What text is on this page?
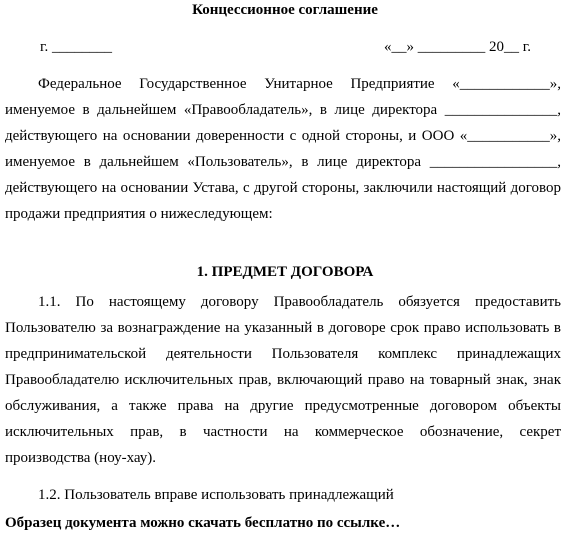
Концессионное соглашение
г. ________	«__» _________ 20__ г.
Федеральное Государственное Унитарное Предприятие «____________», именуемое в дальнейшем «Правообладатель», в лице директора _______________, действующего на основании доверенности с одной стороны, и ООО «___________», именуемое в дальнейшем «Пользователь», в лице директора _________________, действующего на основании Устава, с другой стороны, заключили настоящий договор продажи предприятия о нижеследующем:
1. ПРЕДМЕТ ДОГОВОРА
1.1. По настоящему договору Правообладатель обязуется предоставить Пользователю за вознаграждение на указанный в договоре срок право использовать в предпринимательской деятельности Пользователя комплекс принадлежащих Правообладателю исключительных прав, включающий право на товарный знак, знак обслуживания, а также права на другие предусмотренные договором объекты исключительных прав, в частности на коммерческое обозначение, секрет производства (ноу-хау).
1.2. Пользователь вправе использовать принадлежащий
Образец документа можно скачать бесплатно по ссылке…
